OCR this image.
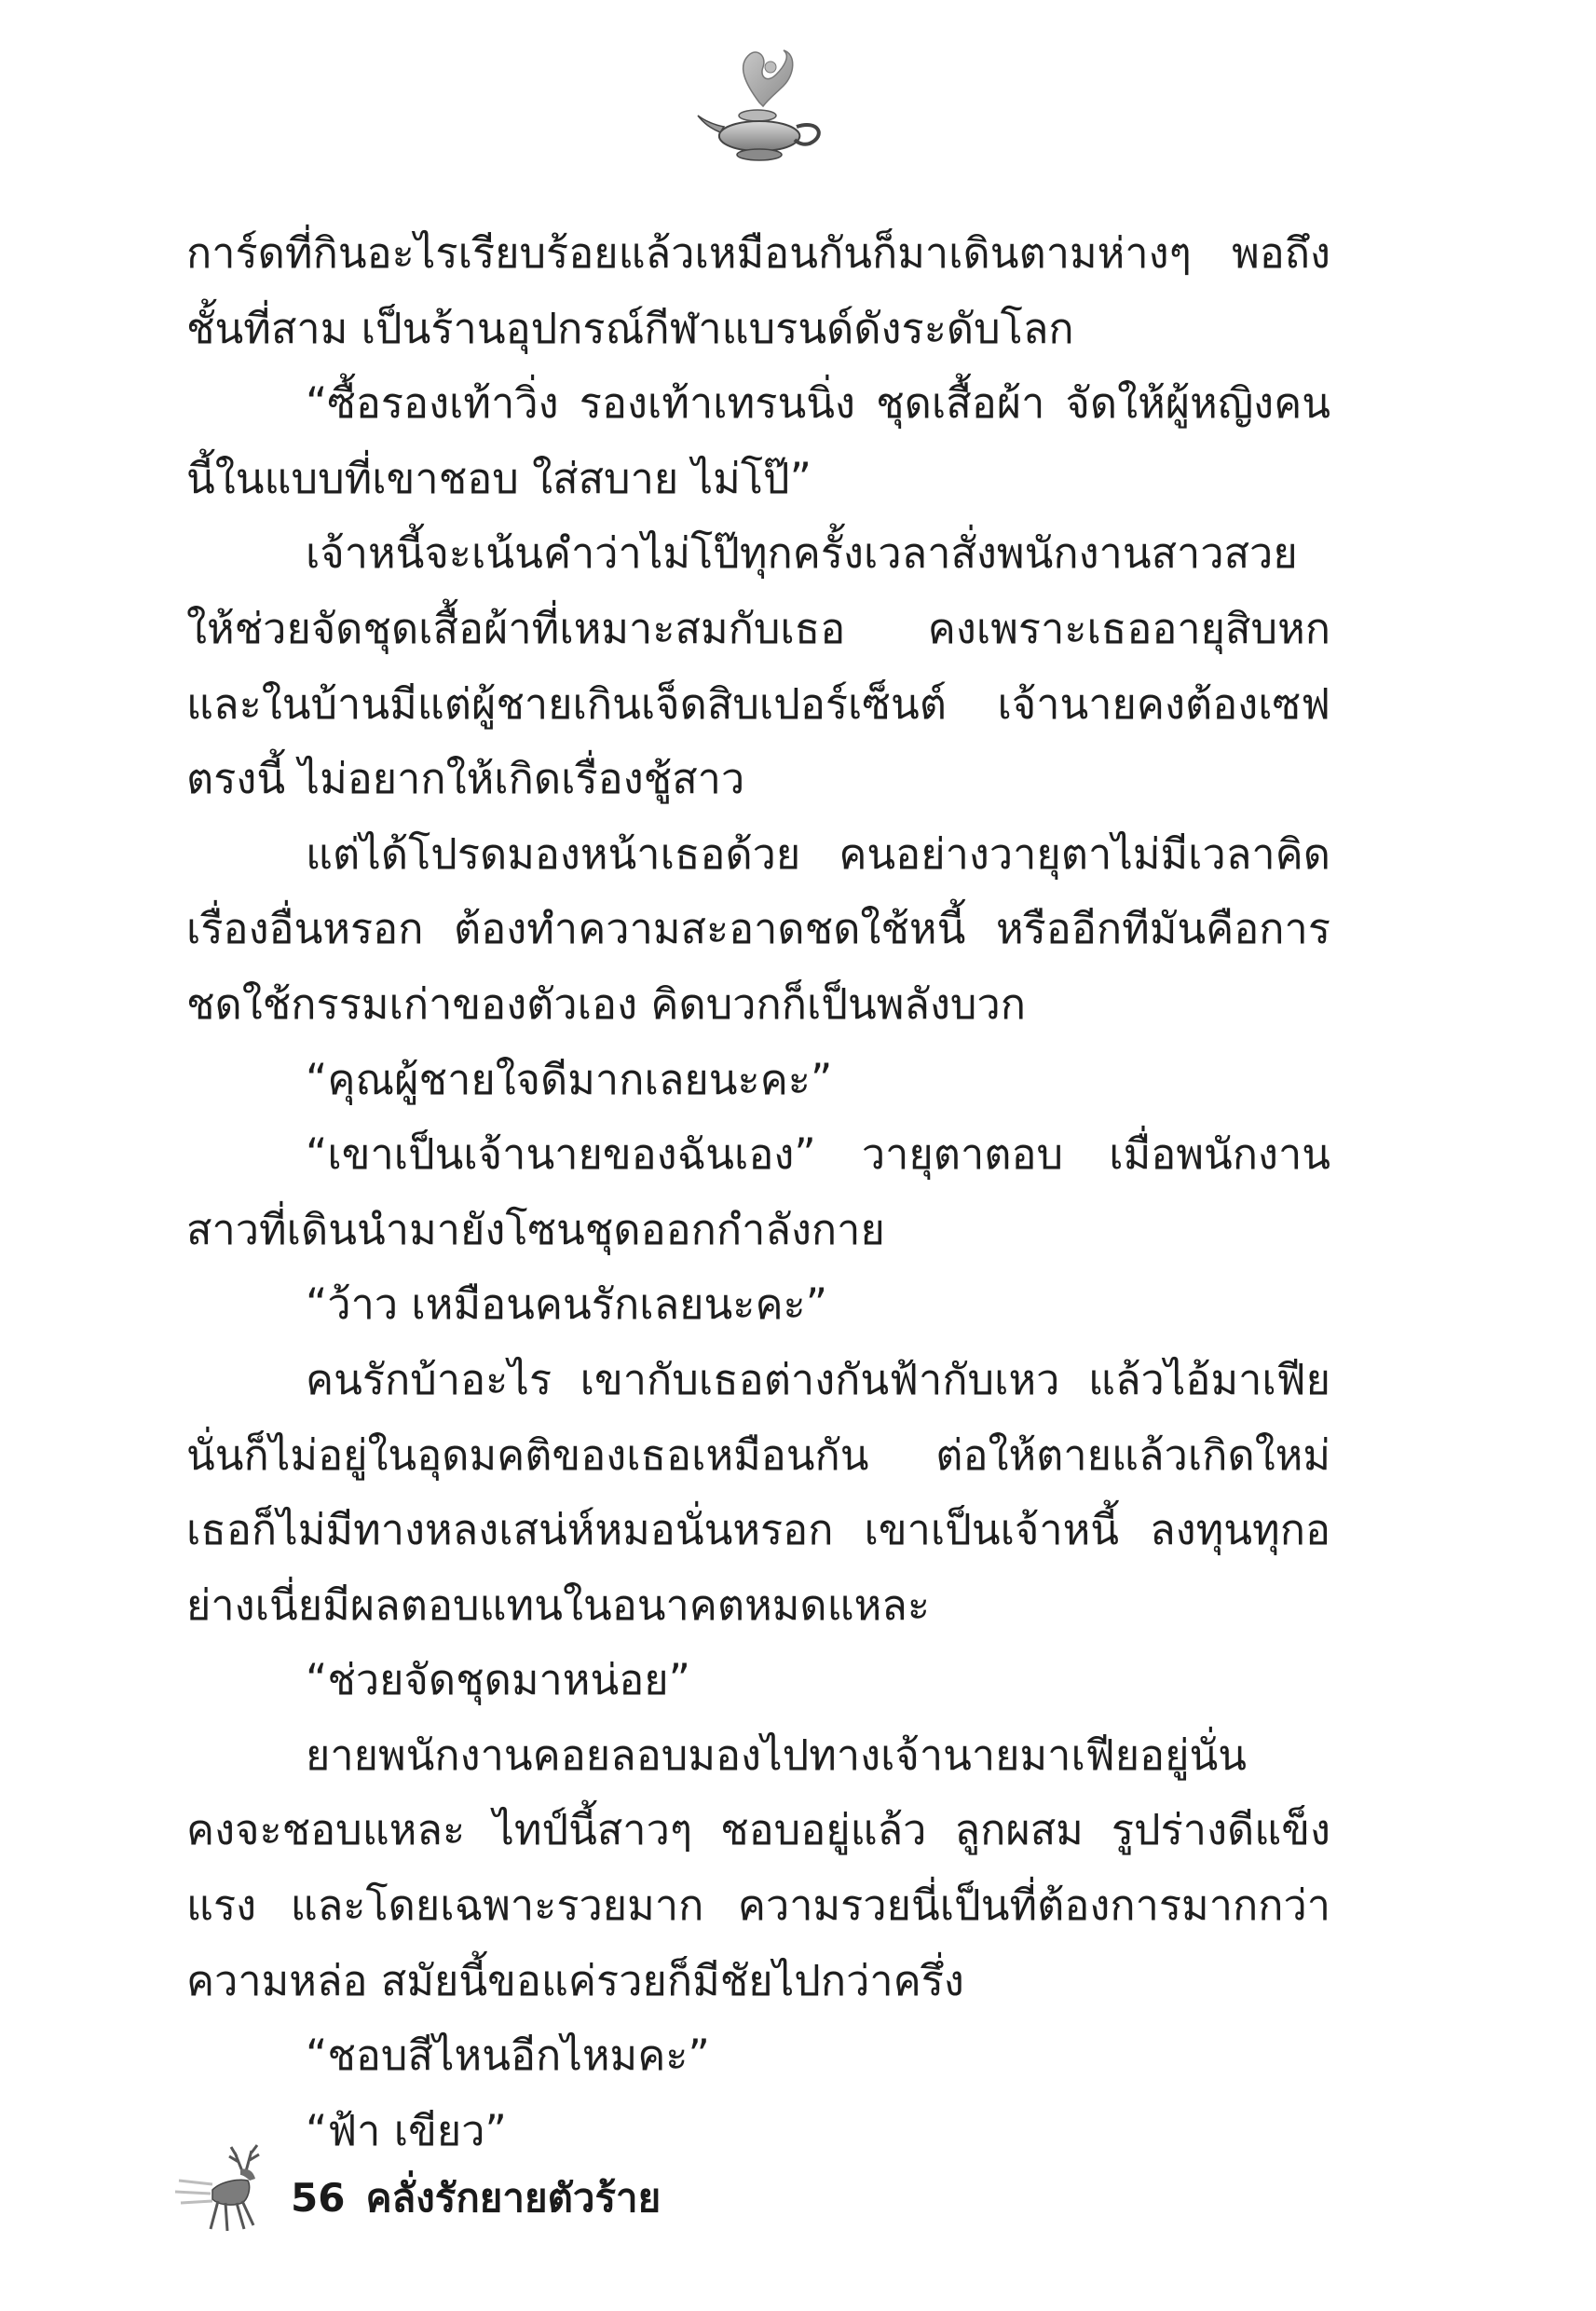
การ์ดที่กินอะไรเรียบร้อยแล้วเหมือนกันก็มาเดินตามห่างๆ พอถึงชั้นที่สาม เป็นร้านอุปกรณ์กีฬาแบรนด์ดังระดับโลก

“ซื้อรองเท้าวิ่ง รองเท้าเทรนนิ่ง ชุดเสื้อผ้า จัดให้ผู้หญิงคนนี้ในแบบที่เขาชอบ ใส่สบาย ไม่โป๊”

เจ้าหนี้จะเน้นคำว่าไม่โป๊ทุกครั้งเวลาสั่งพนักงานสาวสวยให้ช่วยจัดชุดเสื้อผ้าที่เหมาะสมกับเธอ คงเพราะเธออายุสิบหก และในบ้านมีแต่ผู้ชายเกินเจ็ดสิบเปอร์เซ็นต์ เจ้านายคงต้องเซฟตรงนี้ ไม่อยากให้เกิดเรื่องชู้สาว

แต่ได้โปรดมองหน้าเธอด้วย คนอย่างวายุตาไม่มีเวลาคิดเรื่องอื่นหรอก ต้องทำความสะอาดชดใช้หนี้ หรืออีกทีมันคือการชดใช้กรรมเก่าของตัวเอง คิดบวกก็เป็นพลังบวก

“คุณผู้ชายใจดีมากเลยนะคะ”

“เขาเป็นเจ้านายของฉันเอง” วายุตาตอบ เมื่อพนักงานสาวที่เดินนำมายังโซนชุดออกกำลังกาย

“ว้าว เหมือนคนรักเลยนะคะ”

คนรักบ้าอะไร เขากับเธอต่างกันฟ้ากับเหว แล้วไอ้มาเฟียนั่นก็ไม่อยู่ในอุดมคติของเธอเหมือนกัน ต่อให้ตายแล้วเกิดใหม่เธอก็ไม่มีทางหลงเสน่ห์หมอนั่นหรอก เขาเป็นเจ้าหนี้ ลงทุนทุกอย่างเนี่ยมีผลตอบแทนในอนาคตหมดแหละ

“ช่วยจัดชุดมาหน่อย”

ยายพนักงานคอยลอบมองไปทางเจ้านายมาเฟียอยู่นั่น คงจะชอบแหละ ไทป์นี้สาวๆ ชอบอยู่แล้ว ลูกผสม รูปร่างดีแข็งแรง และโดยเฉพาะรวยมาก ความรวยนี่เป็นที่ต้องการมากกว่าความหล่อ สมัยนี้ขอแค่รวยก็มีชัยไปกว่าครึ่ง

“ชอบสีไหนอีกไหมคะ”

“ฟ้า เขียว”

56 คลั่งรักยายตัวร้าย
